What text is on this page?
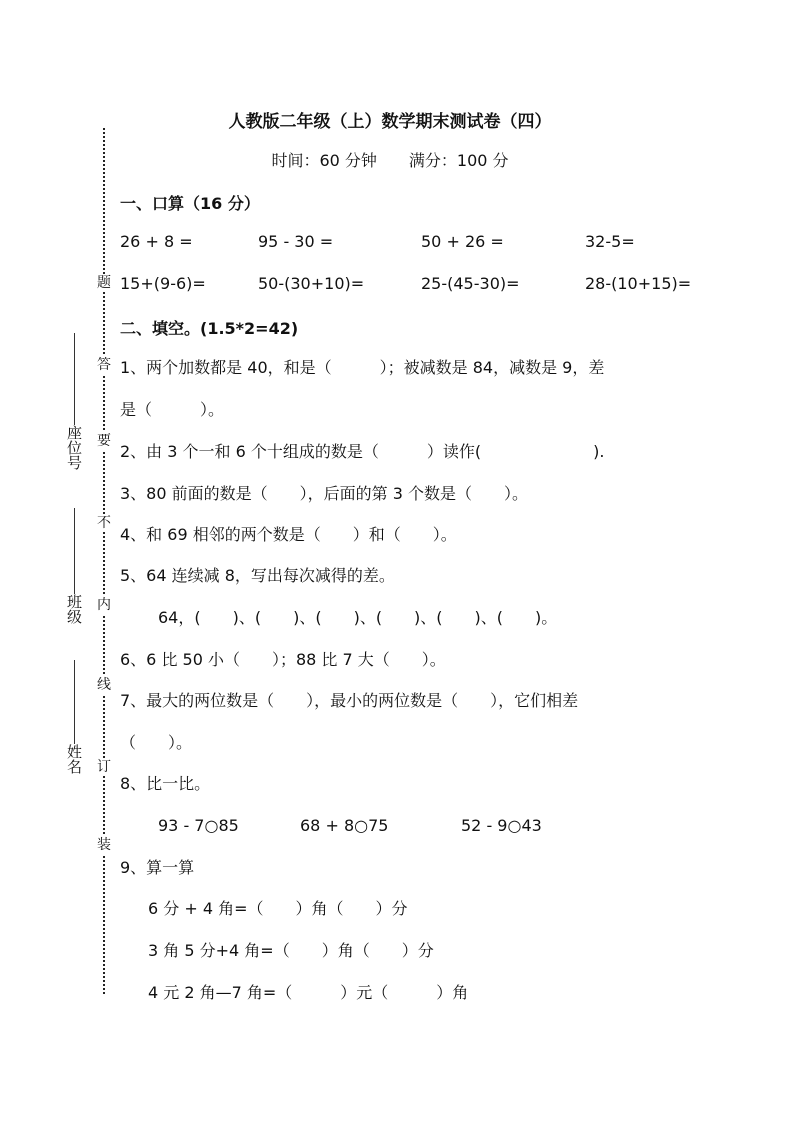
题
答
要
不
内
线
订
装
座位号
班级
姓名
人教版二年级（上）数学期末测试卷（四）
时间：60 分钟　　满分：100 分
一、口算（16 分）
26 + 8 =	95 - 30 =	50 + 26 =	32-5=
15+(9-6)=	50-(30+10)=	25-(45-30)=	28-(10+15)=
二、填空。(1.5*2=42)
1、两个加数都是 40，和是（　　　）；被减数是 84，减数是 9，差
是（　　　）。
2、由 3 个一和 6 个十组成的数是（　　　）读作(　　　　　　　).
3、80 前面的数是（　　），后面的第 3 个数是（　　）。
4、和 69 相邻的两个数是（　　）和（　　）。
5、64 连续减 8，写出每次减得的差。
64，(　　)、(　　)、(　　)、(　　)、(　　)、(　　)。
6、6 比 50 小（　　）；88 比 7 大（　　）。
7、最大的两位数是（　　），最小的两位数是（　　），它们相差
（　　）。
8、比一比。
93 - 7○85	68 + 8○75	52 - 9○43
9、算一算
6 分 + 4 角=（　　）角（　　）分
3 角 5 分+4 角=（　　）角（　　）分
4 元 2 角—7 角=（　　　）元（　　　）角
